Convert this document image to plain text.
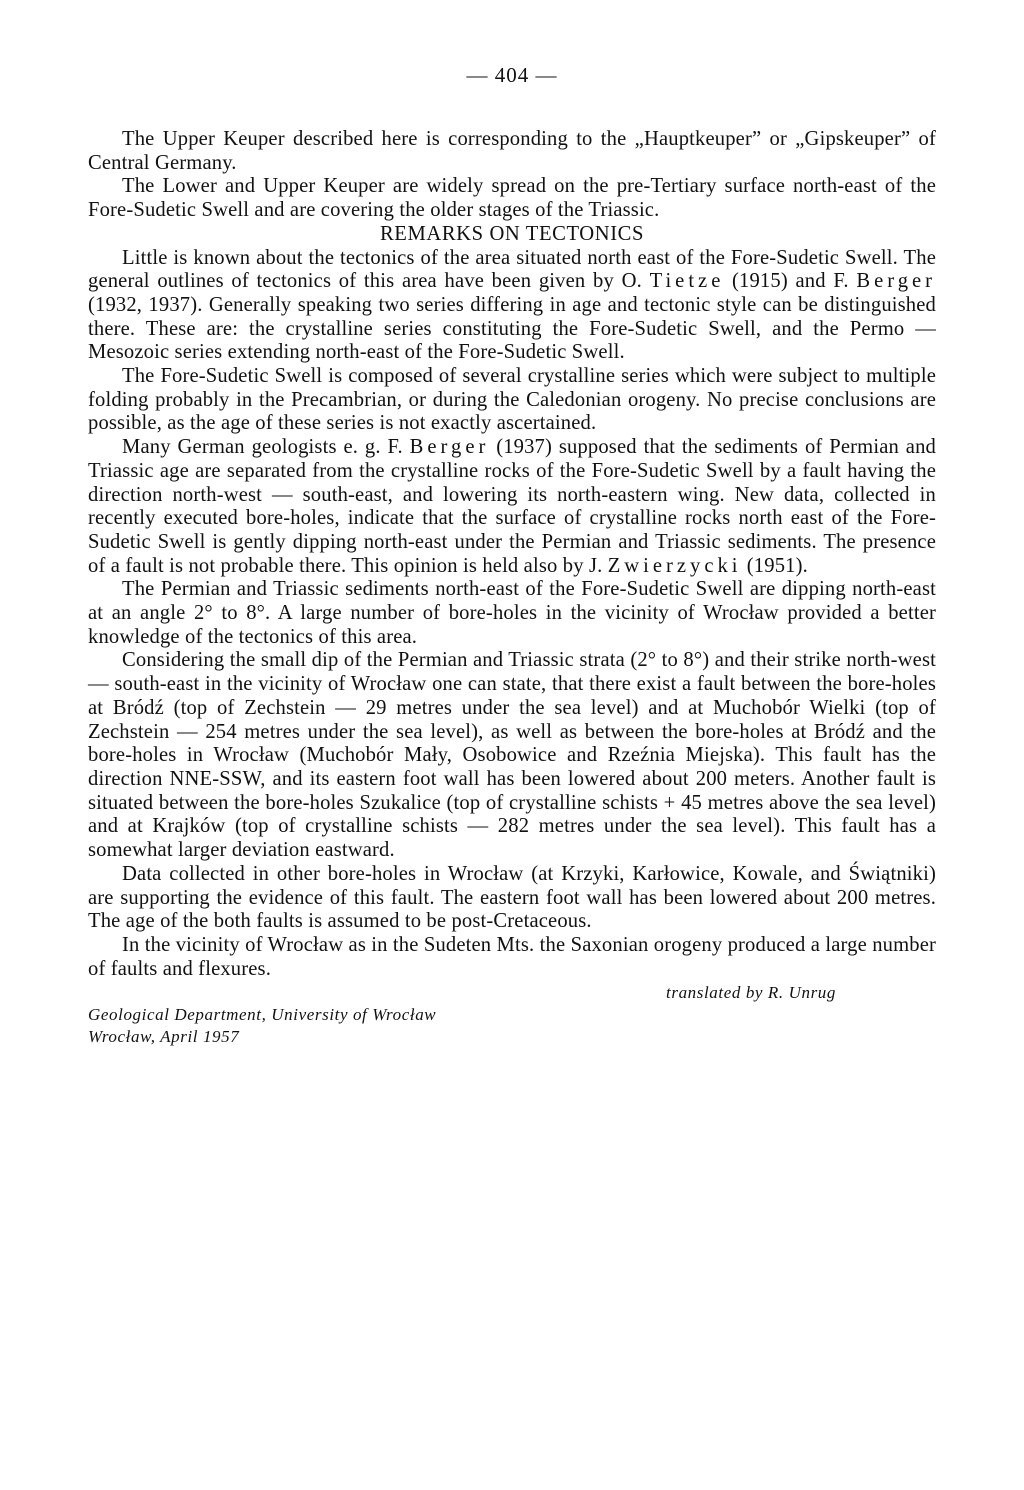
— 404 —

The Upper Keuper described here is corresponding to the „Hauptkeuper” or „Gipskeuper” of Central Germany.

The Lower and Upper Keuper are widely spread on the pre-Tertiary surface north-east of the Fore-Sudetic Swell and are covering the older stages of the Triassic.

REMARKS ON TECTONICS

Little is known about the tectonics of the area situated north east of the Fore-Sudetic Swell. The general outlines of tectonics of this area have been given by O. Tietze (1915) and F. Berger (1932, 1937). Generally speaking two series differing in age and tectonic style can be distinguished there. These are: the crystalline series constituting the Fore-Sudetic Swell, and the Permo — Mesozoic series extending north-east of the Fore-Sudetic Swell.

The Fore-Sudetic Swell is composed of several crystalline series which were subject to multiple folding probably in the Precambrian, or during the Caledonian orogeny. No precise conclusions are possible, as the age of these series is not exactly ascertained.

Many German geologists e. g. F. Berger (1937) supposed that the sediments of Permian and Triassic age are separated from the crystalline rocks of the Fore-Sudetic Swell by a fault having the direction north-west — south-east, and lowering its north-eastern wing. New data, collected in recently executed bore-holes, indicate that the surface of crystalline rocks north east of the Fore-Sudetic Swell is gently dipping north-east under the Permian and Triassic sediments. The presence of a fault is not probable there. This opinion is held also by J. Zwierzycki (1951).

The Permian and Triassic sediments north-east of the Fore-Sudetic Swell are dipping north-east at an angle 2° to 8°. A large number of bore-holes in the vicinity of Wrocław provided a better knowledge of the tectonics of this area.

Considering the small dip of the Permian and Triassic strata (2° to 8°) and their strike north-west — south-east in the vicinity of Wrocław one can state, that there exist a fault between the bore-holes at Bródź (top of Zechstein — 29 metres under the sea level) and at Muchobór Wielki (top of Zechstein — 254 metres under the sea level), as well as between the bore-holes at Bródź and the bore-holes in Wrocław (Muchobór Mały, Osobowice and Rzeźnia Miejska). This fault has the direction NNE-SSW, and its eastern foot wall has been lowered about 200 meters. Another fault is situated between the bore-holes Szukalice (top of crystalline schists + 45 metres above the sea level) and at Krajków (top of crystalline schists — 282 metres under the sea level). This fault has a somewhat larger deviation eastward.

Data collected in other bore-holes in Wrocław (at Krzyki, Karłowice, Kowale, and Świątniki) are supporting the evidence of this fault. The eastern foot wall has been lowered about 200 metres. The age of the both faults is assumed to be post-Cretaceous.

In the vicinity of Wrocław as in the Sudeten Mts. the Saxonian orogeny produced a large number of faults and flexures.

translated by R. Unrug
Geological Department, University of Wrocław
Wrocław, April 1957
